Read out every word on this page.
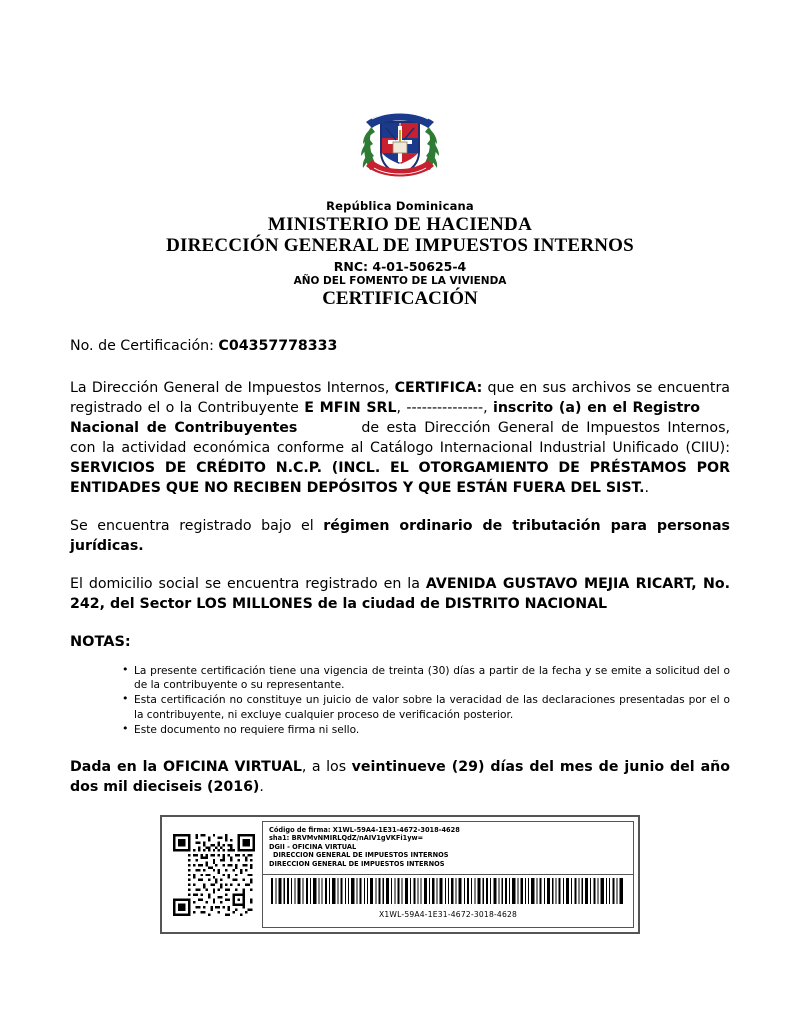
República Dominicana
MINISTERIO DE HACIENDA
DIRECCIÓN GENERAL DE IMPUESTOS INTERNOS
RNC: 4-01-50625-4
AÑO DEL FOMENTO DE LA VIVIENDA
CERTIFICACIÓN

No. de Certificación: C04357778333

La Dirección General de Impuestos Internos, CERTIFICA: que en sus archivos se encuentra registrado el o la Contribuyente E MFIN SRL, ---------------, inscrito (a) en el RegistroNacional de Contribuyentes	de esta Dirección General de Impuestos Internos, con la actividad económica conforme al Catálogo Internacional Industrial Unificado (CIIU): SERVICIOS DE CRÉDITO N.C.P. (INCL. EL OTORGAMIENTO DE PRÉSTAMOS POR ENTIDADES QUE NO RECIBEN DEPÓSITOS Y QUE ESTÁN FUERA DEL SIST..

Se encuentra registrado bajo el régimen ordinario de tributación para personas jurídicas.

El domicilio social se encuentra registrado en la AVENIDA GUSTAVO MEJIA RICART, No. 242, del Sector LOS MILLONES de la ciudad de DISTRITO NACIONAL

NOTAS:
• La presente certificación tiene una vigencia de treinta (30) días a partir de la fecha y se emite a solicitud del o de la contribuyente o su representante.
• Esta certificación no constituye un juicio de valor sobre la veracidad de las declaraciones presentadas por el o la contribuyente, ni excluye cualquier proceso de verificación posterior.
• Este documento no requiere firma ni sello.

Dada en la OFICINA VIRTUAL, a los veintinueve (29) días del mes de junio del año dos mil dieciseis (2016).

Código de firma: X1WL-59A4-1E31-4672-3018-4628
sha1: BRVMvNMIRLQdZ/nAIV1gVKFi1yw=
DGII - OFICINA VIRTUAL
DIRECCION GENERAL DE IMPUESTOS INTERNOS
DIRECCION GENERAL DE IMPUESTOS INTERNOS
X1WL-59A4-1E31-4672-3018-4628
